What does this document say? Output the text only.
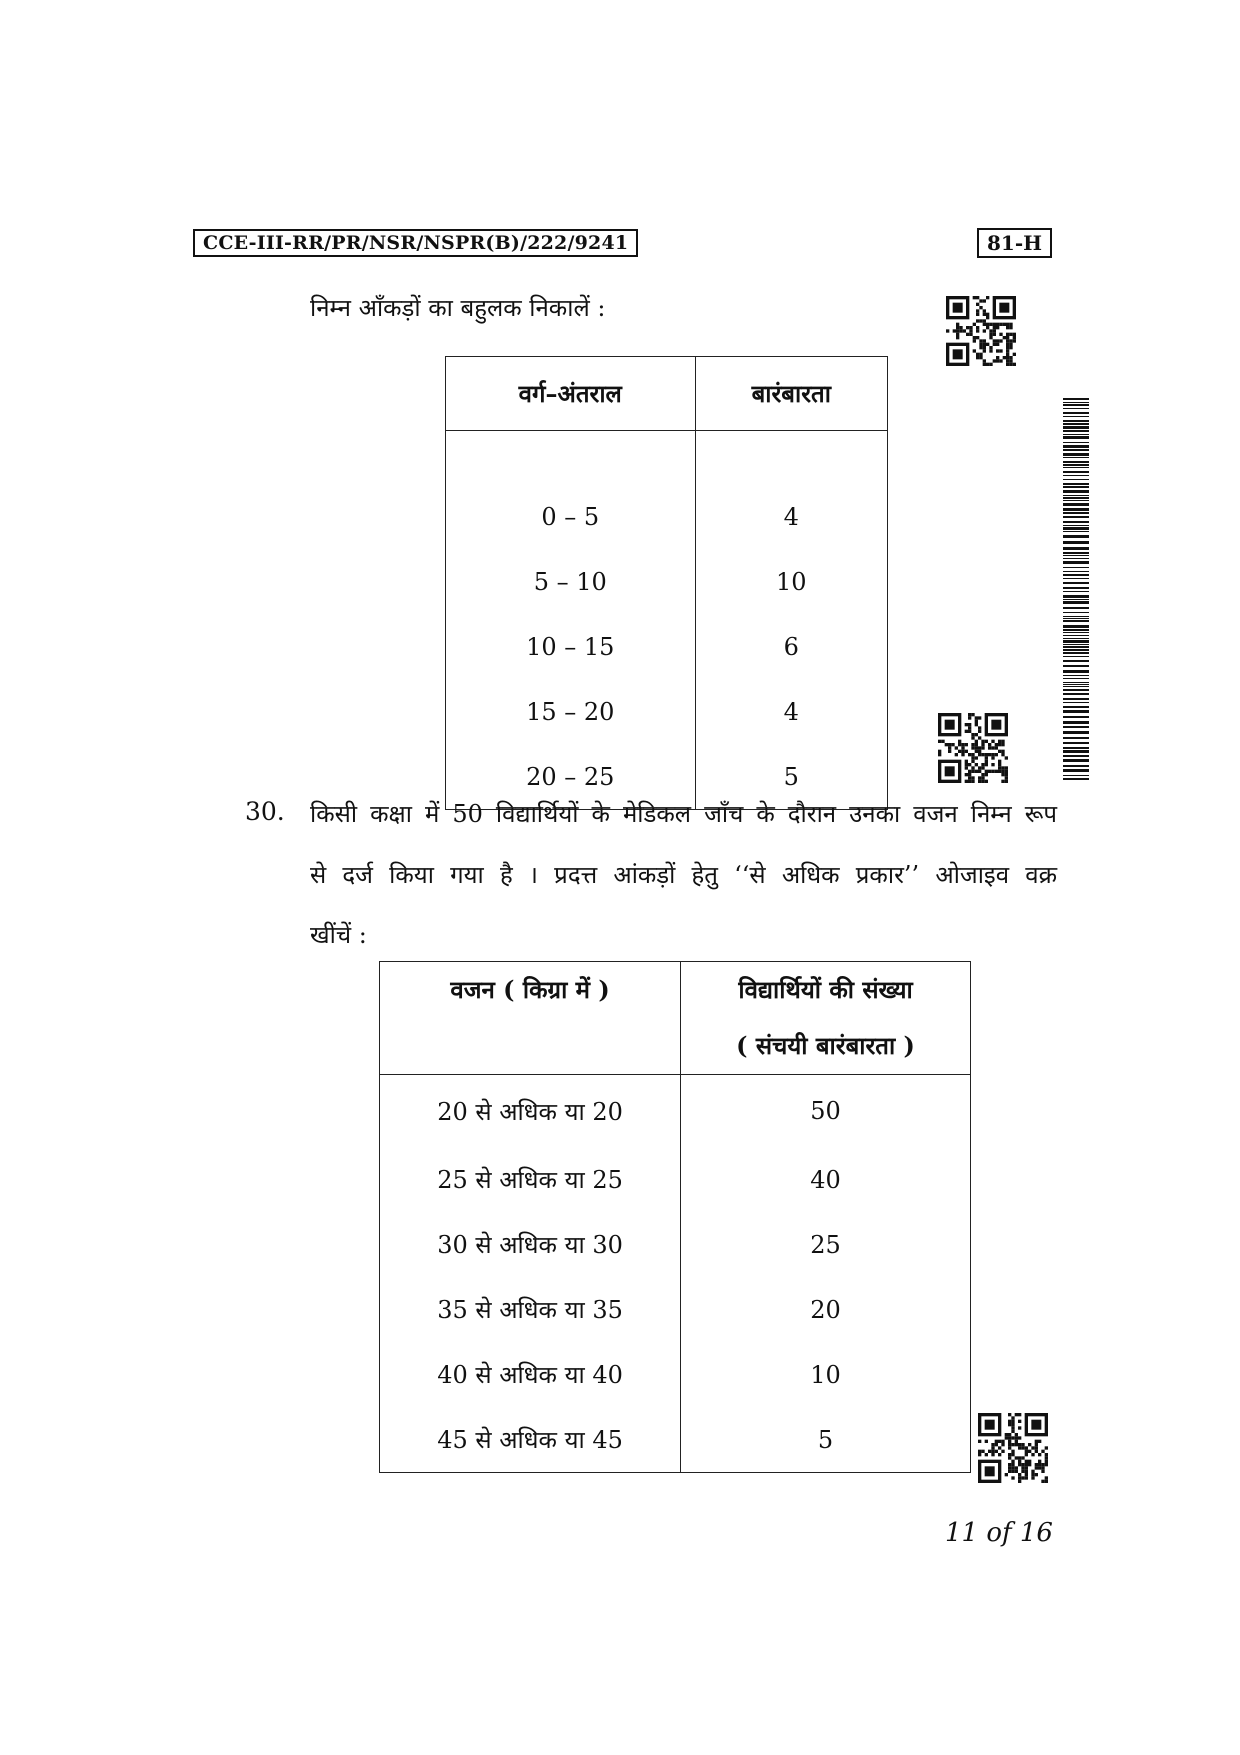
CCE-III-RR/PR/NSR/NSPR(B)/222/9241	81-H
निम्न आँकड़ों का बहुलक निकालें :
वर्ग–अंतराल	बारंबारता
0 – 5	4
5 – 10	10
10 – 15	6
15 – 20	4
20 – 25	5
30. किसी कक्षा में 50 विद्यार्थियों के मेडिकल जाँच के दौरान उनका वजन निम्न रूप
से दर्ज किया गया है । प्रदत्त आंकड़ों हेतु ‘‘से अधिक प्रकार’’ ओजाइव वक्र
खींचें :
वजन ( किग्रा में )	विद्यार्थियों की संख्या
( संचयी बारंबारता )

20 से अधिक या 20	50
25 से अधिक या 25	40
30 से अधिक या 30	25
35 से अधिक या 35	20
40 से अधिक या 40	10
45 से अधिक या 45	5
11 of 16
